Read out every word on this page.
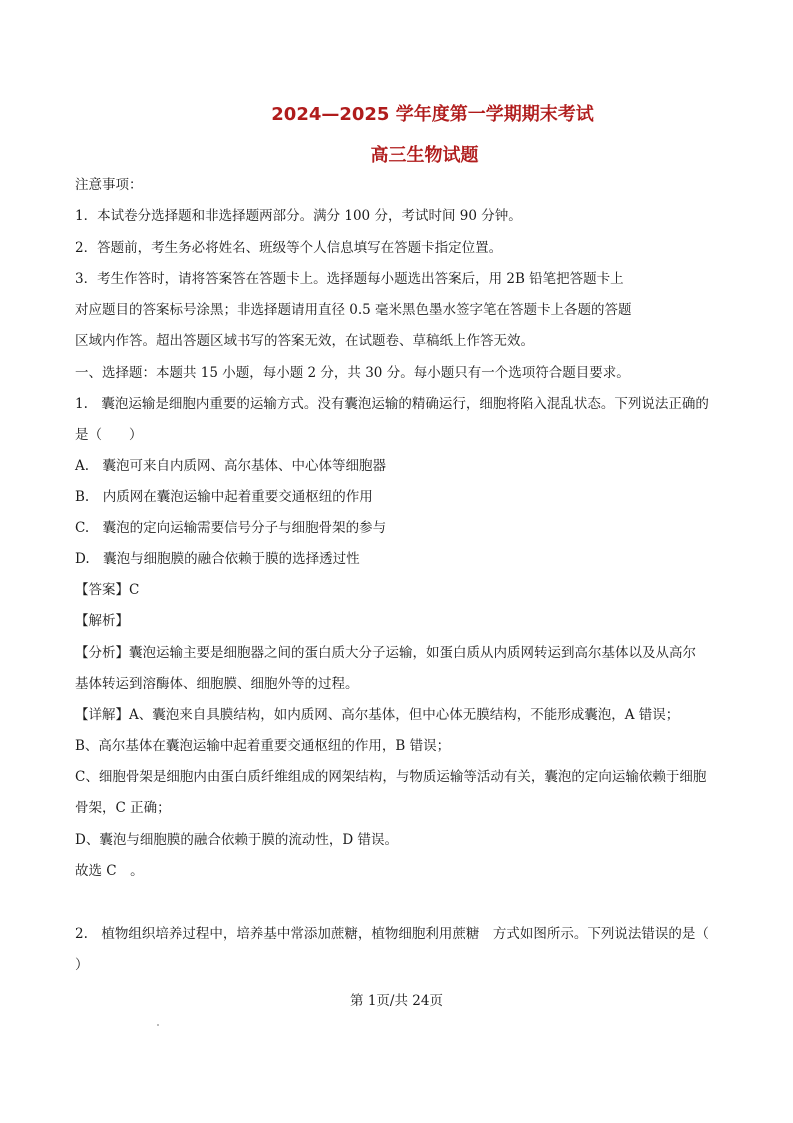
2024—2025 学年度第一学期期末考试
高三生物试题
注意事项：
1．本试卷分选择题和非选择题两部分。满分 100 分，考试时间 90 分钟。
2．答题前，考生务必将姓名、班级等个人信息填写在答题卡指定位置。
3．考生作答时，请将答案答在答题卡上。选择题每小题选出答案后，用 2B 铅笔把答题卡上
对应题目的答案标号涂黑；非选择题请用直径 0.5 毫米黑色墨水签字笔在答题卡上各题的答题
区域内作答。超出答题区域书写的答案无效，在试题卷、草稿纸上作答无效。
一、选择题：本题共 15 小题，每小题 2 分，共 30 分。每小题只有一个选项符合题目要求。
1.　囊泡运输是细胞内重要的运输方式。没有囊泡运输的精确运行，细胞将陷入混乱状态。下列说法正确的
是（　　）
A.　囊泡可来自内质网、高尔基体、中心体等细胞器
B.　内质网在囊泡运输中起着重要交通枢纽的作用
C.　囊泡的定向运输需要信号分子与细胞骨架的参与
D.　囊泡与细胞膜的融合依赖于膜的选择透过性
【答案】C
【解析】
【分析】囊泡运输主要是细胞器之间的蛋白质大分子运输，如蛋白质从内质网转运到高尔基体以及从高尔
基体转运到溶酶体、细胞膜、细胞外等的过程。
【详解】A、囊泡来自具膜结构，如内质网、高尔基体，但中心体无膜结构，不能形成囊泡，A 错误；
B、高尔基体在囊泡运输中起着重要交通枢纽的作用，B 错误；
C、细胞骨架是细胞内由蛋白质纤维组成的网架结构，与物质运输等活动有关，囊泡的定向运输依赖于细胞
骨架，C 正确；
D、囊泡与细胞膜的融合依赖于膜的流动性，D 错误。
故选 C　。
2.　植物组织培养过程中，培养基中常添加蔗糖，植物细胞利用蔗糖　方式如图所示。下列说法错误的是（
）
第 1页/共 24页
